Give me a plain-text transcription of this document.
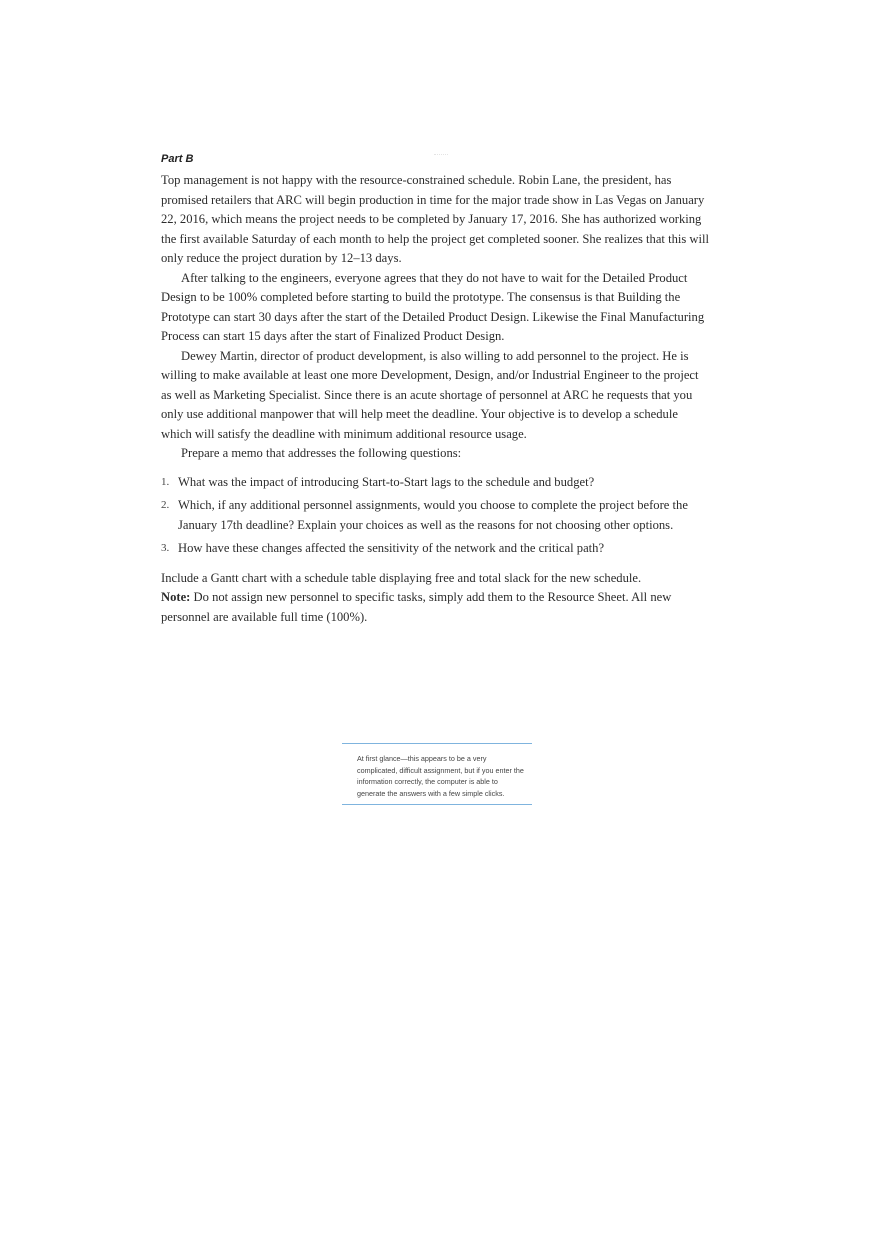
Part B

Top management is not happy with the resource-constrained schedule. Robin Lane, the president, has promised retailers that ARC will begin production in time for the major trade show in Las Vegas on January 22, 2016, which means the project needs to be completed by January 17, 2016. She has authorized working the first available Saturday of each month to help the project get completed sooner. She realizes that this will only reduce the project duration by 12–13 days.

After talking to the engineers, everyone agrees that they do not have to wait for the Detailed Product Design to be 100% completed before starting to build the prototype. The consensus is that Building the Prototype can start 30 days after the start of the Detailed Product Design. Likewise the Final Manufacturing Process can start 15 days after the start of Finalized Product Design.

Dewey Martin, director of product development, is also willing to add personnel to the project. He is willing to make available at least one more Development, Design, and/or Industrial Engineer to the project as well as Marketing Specialist. Since there is an acute shortage of personnel at ARC he requests that you only use additional manpower that will help meet the deadline. Your objective is to develop a schedule which will satisfy the deadline with minimum additional resource usage.

Prepare a memo that addresses the following questions:

1. What was the impact of introducing Start-to-Start lags to the schedule and budget?
2. Which, if any additional personnel assignments, would you choose to complete the project before the January 17th deadline? Explain your choices as well as the reasons for not choosing other options.
3. How have these changes affected the sensitivity of the network and the critical path?

Include a Gantt chart with a schedule table displaying free and total slack for the new schedule.

Note: Do not assign new personnel to specific tasks, simply add them to the Resource Sheet. All new personnel are available full time (100%).

At first glance—this appears to be a very complicated, difficult assignment, but if you enter the information correctly, the computer is able to generate the answers with a few simple clicks.
